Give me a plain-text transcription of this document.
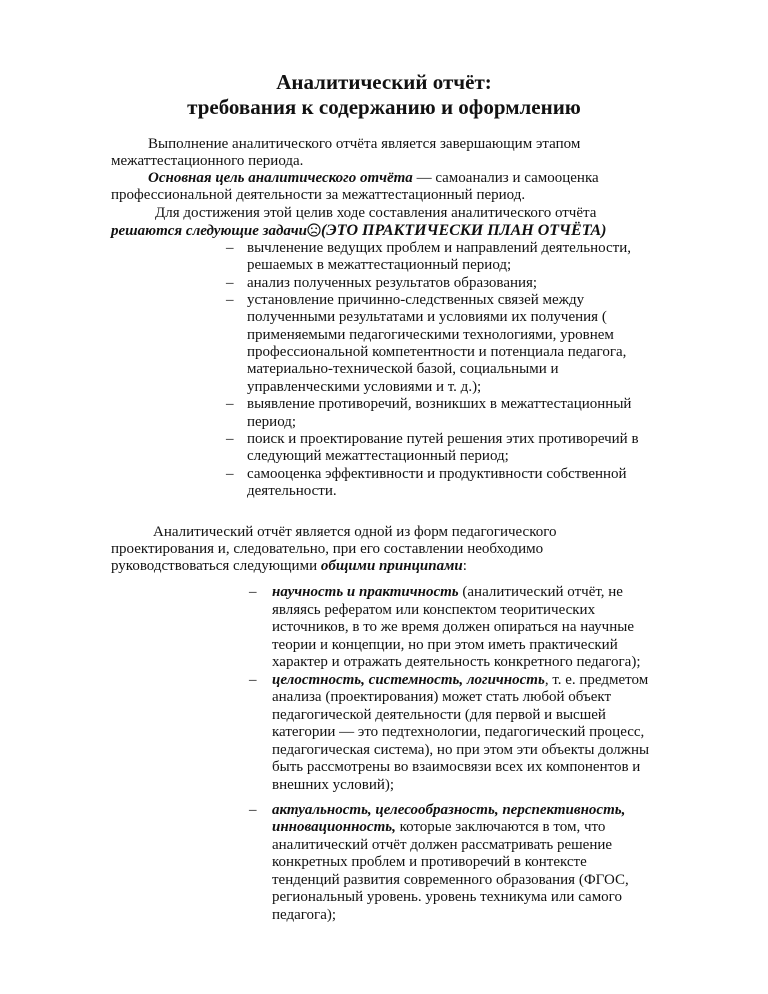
Аналитический отчёт:
требования к содержанию и оформлению
Выполнение аналитического отчёта является завершающим этапом
межаттестационного периода.
Основная цель аналитического отчёта — самоанализ и самооценка
профессиональной деятельности за межаттестационный период.
Для достижения этой целив ходе составления аналитического отчёта
решаются следующие задачи (ЭТО ПРАКТИЧЕСКИ ПЛАН ОТЧЁТА)
– вычленение ведущих проблем и направлений деятельности,
решаемых в межаттестационный период;
– анализ полученных результатов образования;
– установление причинно-следственных связей между
полученными результатами и условиями их получения (
применяемыми педагогическими технологиями, уровнем
профессиональной компетентности и потенциала педагога,
материально-технической базой, социальными и
управленческими условиями и т. д.);
– выявление противоречий, возникших в межаттестационный
период;
– поиск и проектирование путей решения этих противоречий в
следующий межаттестационный период;
– самооценка эффективности и продуктивности собственной
деятельности.
Аналитический отчёт является одной из форм педагогического
проектирования и, следовательно, при его составлении необходимо
руководствоваться следующими общими принципами:
– научность и практичность (аналитический отчёт, не
являясь рефератом или конспектом теоритических
источников, в то же время должен опираться на научные
теории и концепции, но при этом иметь практический
характер и отражать деятельность конкретного педагога);
– целостность, системность, логичность, т. е. предметом
анализа (проектирования) может стать любой объект
педагогической деятельности (для первой и высшей
категории — это педтехнологии, педагогический процесс,
педагогическая система), но при этом эти объекты должны
быть рассмотрены во взаимосвязи всех их компонентов и
внешних условий);
– актуальность, целесообразность, перспективность,
инновационность, которые заключаются в том, что
аналитический отчёт должен рассматривать решение
конкретных проблем и противоречий в контексте
тенденций развития современного образования (ФГОС,
региональный уровень. уровень техникума или самого
педагога);
